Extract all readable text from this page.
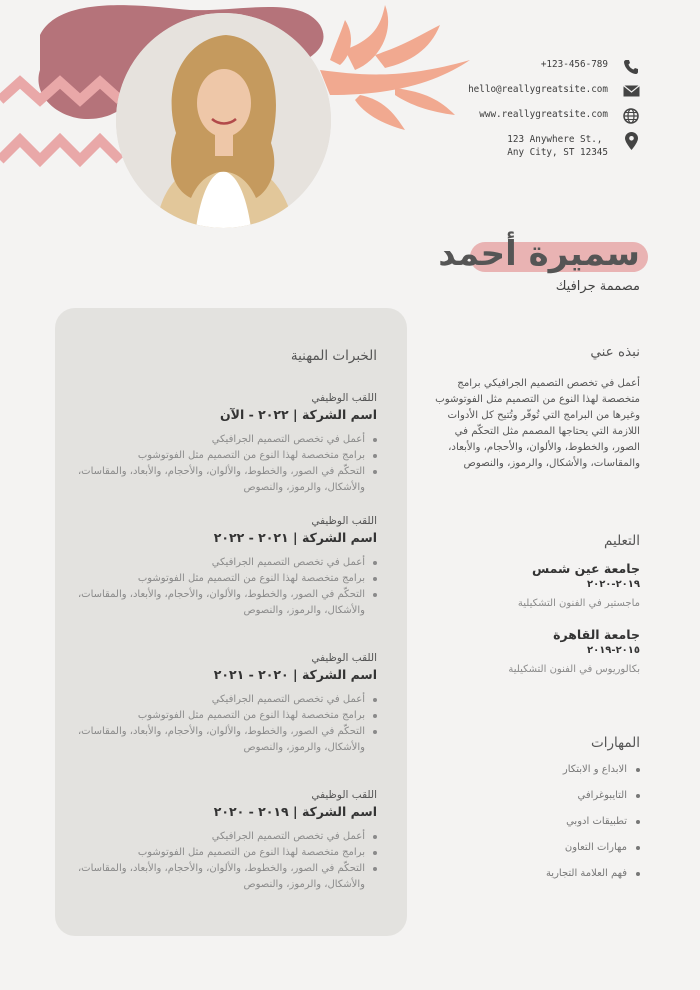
+123-456-789
hello@reallygreatsite.com
www.reallygreatsite.com
123 Anywhere St.,
Any City, ST 12345
سميرة أحمد
مصممة جرافيك
الخبرات المهنية
اللقب الوظيفي
اسم الشركة | ٢٠٢٢ - الآن
أعمل في تخصص التصميم الجرافيكي
برامج متخصصة لهذا النوع من التصميم مثل الفوتوشوب
التحكّم في الصور، والخطوط، والألوان، والأحجام، والأبعاد، والمقاسات، والأشكال، والرموز، والنصوص
اللقب الوظيفي
اسم الشركة | ٢٠٢١ - ٢٠٢٢
أعمل في تخصص التصميم الجرافيكي
برامج متخصصة لهذا النوع من التصميم مثل الفوتوشوب
التحكّم في الصور، والخطوط، والألوان، والأحجام، والأبعاد، والمقاسات، والأشكال، والرموز، والنصوص
اللقب الوظيفي
اسم الشركة | ٢٠٢٠ - ٢٠٢١
أعمل في تخصص التصميم الجرافيكي
برامج متخصصة لهذا النوع من التصميم مثل الفوتوشوب
التحكّم في الصور، والخطوط، والألوان، والأحجام، والأبعاد، والمقاسات، والأشكال، والرموز، والنصوص
اللقب الوظيفي
اسم الشركة | ٢٠١٩ - ٢٠٢٠
أعمل في تخصص التصميم الجرافيكي
برامج متخصصة لهذا النوع من التصميم مثل الفوتوشوب
التحكّم في الصور، والخطوط، والألوان، والأحجام، والأبعاد، والمقاسات، والأشكال، والرموز، والنصوص
نبذه عني
أعمل في تخصص التصميم الجرافيكي برامج متخصصة لهذا النوع من التصميم مثل الفوتوشوب وغيرها من البرامج التي تُوفّر وتُتيح كل الأدوات اللازمة التي يحتاجها المصمم مثل التحكّم في الصور، والخطوط، والألوان، والأحجام، والأبعاد، والمقاسات، والأشكال، والرموز، والنصوص
التعليم
جامعة عين شمس
٢٠١٩-٢٠٢٠
ماجستير في الفنون التشكيلية
جامعة القاهرة
٢٠١٥-٢٠١٩
بكالوريوس في الفنون التشكيلية
المهارات
الابداع و الابتكار
التايبوغرافي
تطبيقات ادوبي
مهارات التعاون
فهم العلامة التجارية
